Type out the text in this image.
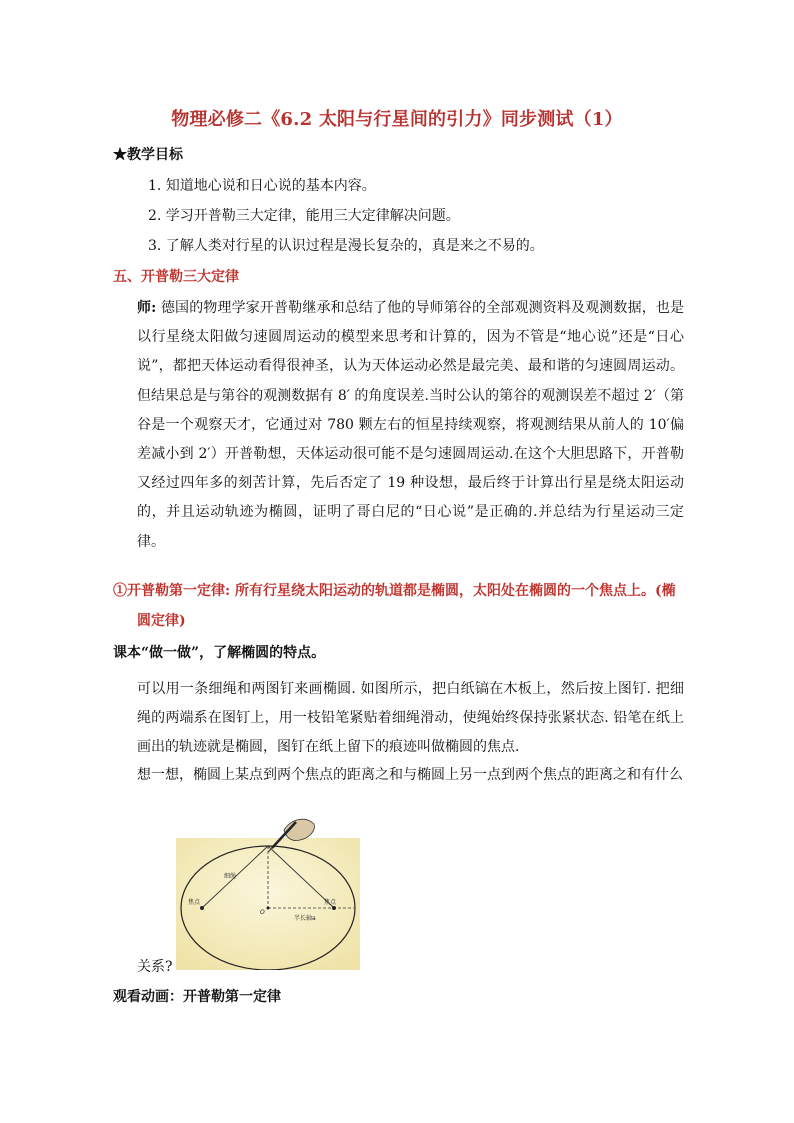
物理必修二《6.2 太阳与行星间的引力》同步测试（1）
★教学目标
1. 知道地心说和日心说的基本内容。
2. 学习开普勒三大定律，能用三大定律解决问题。
3. 了解人类对行星的认识过程是漫长复杂的，真是来之不易的。
五、开普勒三大定律

师: 德国的物理学家开普勒继承和总结了他的导师第谷的全部观测资料及观测数据，也是以行星绕太阳做匀速圆周运动的模型来思考和计算的，因为不管是“地心说”还是“日心说”，都把天体运动看得很神圣，认为天体运动必然是最完美、最和谐的匀速圆周运动。但结果总是与第谷的观测数据有 8′ 的角度误差.当时公认的第谷的观测误差不超过 2′（第谷是一个观察天才，它通过对 780 颗左右的恒星持续观察，将观测结果从前人的 10′偏差减小到 2′）开普勒想，天体运动很可能不是匀速圆周运动.在这个大胆思路下，开普勒又经过四年多的刻苦计算，先后否定了 19 种设想，最后终于计算出行星是绕太阳运动的，并且运动轨迹为椭圆，证明了哥白尼的“日心说”是正确的.并总结为行星运动三定律。

①开普勒第一定律: 所有行星绕太阳运动的轨道都是椭圆，太阳处在椭圆的一个焦点上。(椭
圆定律)
课本“做一做”，了解椭圆的特点。

可以用一条细绳和两图钉来画椭圆. 如图所示，把白纸镐在木板上，然后按上图钉. 把细绳的两端系在图钉上，用一枝铅笔紧贴着细绳滑动，使绳始终保持张紧状态. 铅笔在纸上画出的轨迹就是椭圆，图钉在纸上留下的痕迹叫做椭圆的焦点.

想一想，椭圆上某点到两个焦点的距离之和与椭圆上另一点到两个焦点的距离之和有什么
细绳
焦点	焦点
O
半长轴a
关系?
观看动画：开普勒第一定律
